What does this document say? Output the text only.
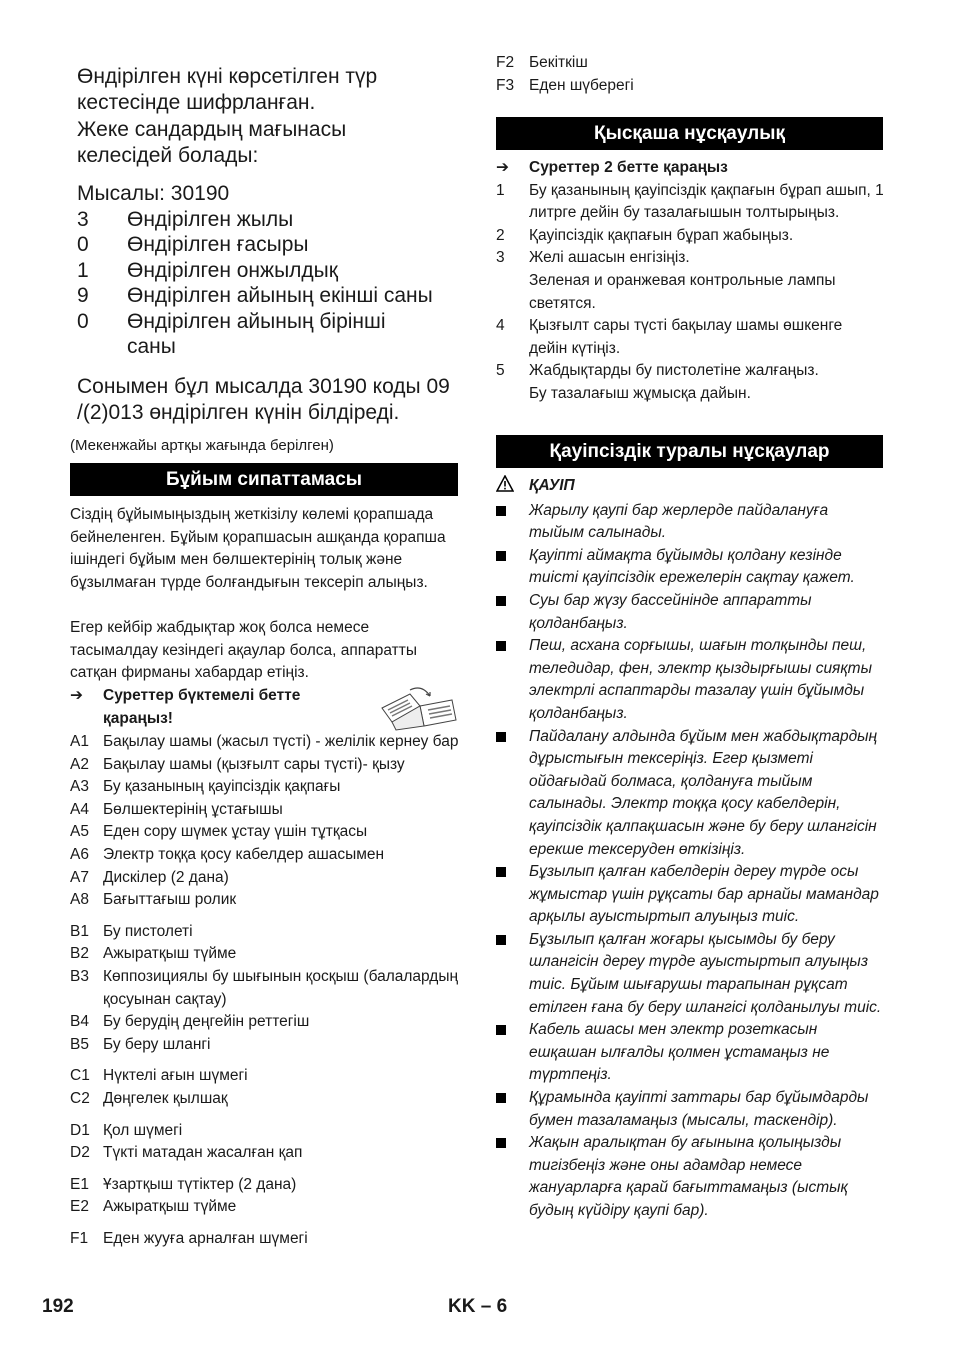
Өндірілген күні көрсетілген түр

кестесінде шифрланған.

Жеке сандардың мағынасы

келесідей болады:

Мысалы: 30190
3	Өндірілген жылы
0	Өндірілген ғасыры
1	Өндірілген онжылдық
9	Өндірілген айының екінші саны
0	Өндірілген айының бірінші саны
Сонымен бұл мысалда 30190 коды 09 /(2)013 өндірілген күнін білдіреді.
(Мекенжайы артқы жағында берілген)
Бұйым сипаттамасы
Сіздің бұйымыңыздың жеткізілу көлемі қорапшада бейнеленген. Бұйым қорапшасын ашқанда қорапша ішіндегі бұйым мен бөлшектерінің толық және бұзылмаған түрде болғандығын тексеріп алыңыз.
Егер кейбір жабдықтар жоқ болса немесе тасымалдау кезіндегі ақаулар болса, аппаратты сатқан фирманы хабардар етіңіз.
➔	Суреттер бүктемелі бетте қараңыз!
A1 Бақылау шамы (жасыл түсті) - желілік кернеу бар
A2 Бақылау шамы (қызғылт сары түсті)- қызу
A3 Бу қазанының қауіпсіздік қақпағы
A4 Бөлшектерінің ұстағышы
A5 Еден сору шүмек ұстау үшін тұтқасы
A6 Электр тоққа қосу кабелдер ашасымен
A7 Дискілер (2 дана)
A8 Бағыттағыш ролик
B1 Бу пистолеті
B2 Ажыратқыш түйме
B3 Көппозициялы бу шығынын қосқыш (балалардың қосуынан сақтау)
B4 Бу берудің деңгейін реттегіш
B5 Бу беру шлангі
C1 Нүктелі ағын шүмегі
C2 Дөңгелек қылшақ
D1 Қол шүмегі
D2 Түкті матадан жасалған қап
E1 Ұзартқыш түтіктер (2 дана)
E2 Ажыратқыш түйме
F1 Еден жууға арналған шүмегі
F2 Бекіткіш
F3 Еден шүберегі
Қысқаша нұсқаулық
➔	Суреттер 2 бетте қараңыз
1	Бу қазанының қауіпсіздік қақпағын бұрап ашып, 1 литрге дейін бу тазалағышын толтырыңыз.
2	Қауіпсіздік қақпағын бұрап жабыңыз.
3	Желі ашасын енгізіңіз.
Зеленая и оранжевая контрольные лампы светятся.
4	Қызғылт сары түсті бақылау шамы өшкенге дейін күтіңіз.
5	Жабдықтарды бу пистолетіне жалғаңыз.
Бу тазалағыш жұмысқа дайын.
Қауіпсіздік туралы нұсқаулар
ҚАУІП
Жарылу қаупі бар жерлерде пайдалануға тыйым салынады.
Қауіпті аймақта бұйымды қолдану кезінде тиісті қауіпсіздік ережелерін сақтау қажет.
Суы бар жүзу бассейнінде аппаратты қолданбаңыз.
Пеш, асхана сорғышы, шағын толқынды пеш, теледидар, фен, электр қыздырғышы сияқты электрлі аспаптарды тазалау үшін бұйымды қолданбаңыз.
Пайдалану алдында бұйым мен жабдықтардың дұрыстығын тексеріңіз. Егер қызметі ойдағыдай болмаса, қолдануға тыйым салынады. Электр тоққа қосу кабелдерін, қауіпсіздік қалпақшасын және бу беру шлангісін ерекше тексеруден өткізіңіз.
Бұзылып қалған кабелдерін дереу түрде осы жұмыстар үшін рұқсаты бар арнайы мамандар арқылы ауыстыртып алуыңыз тиіс.
Бұзылып қалған жоғары қысымды бу беру шлангісін дереу түрде ауыстыртып алуыңыз тиіс. Бұйым шығарушы тарапынан рұқсат етілген ғана бу беру шлангісі қолданылуы тиіс.
Кабель ашасы мен электр розеткасын ешқашан ылғалды қолмен ұстамаңыз не түртпеңіз.
Құрамында қауіпті заттары бар бұйымдарды бумен тазаламаңыз (мысалы, таскендір).
Жақын аралықтан бу ағынына қолыңызды тигізбеңіз және оны адамдар немесе жануарларға қарай бағыттамаңыз (ыстық будың күйдіру қаупі бар).
192	KK – 6
